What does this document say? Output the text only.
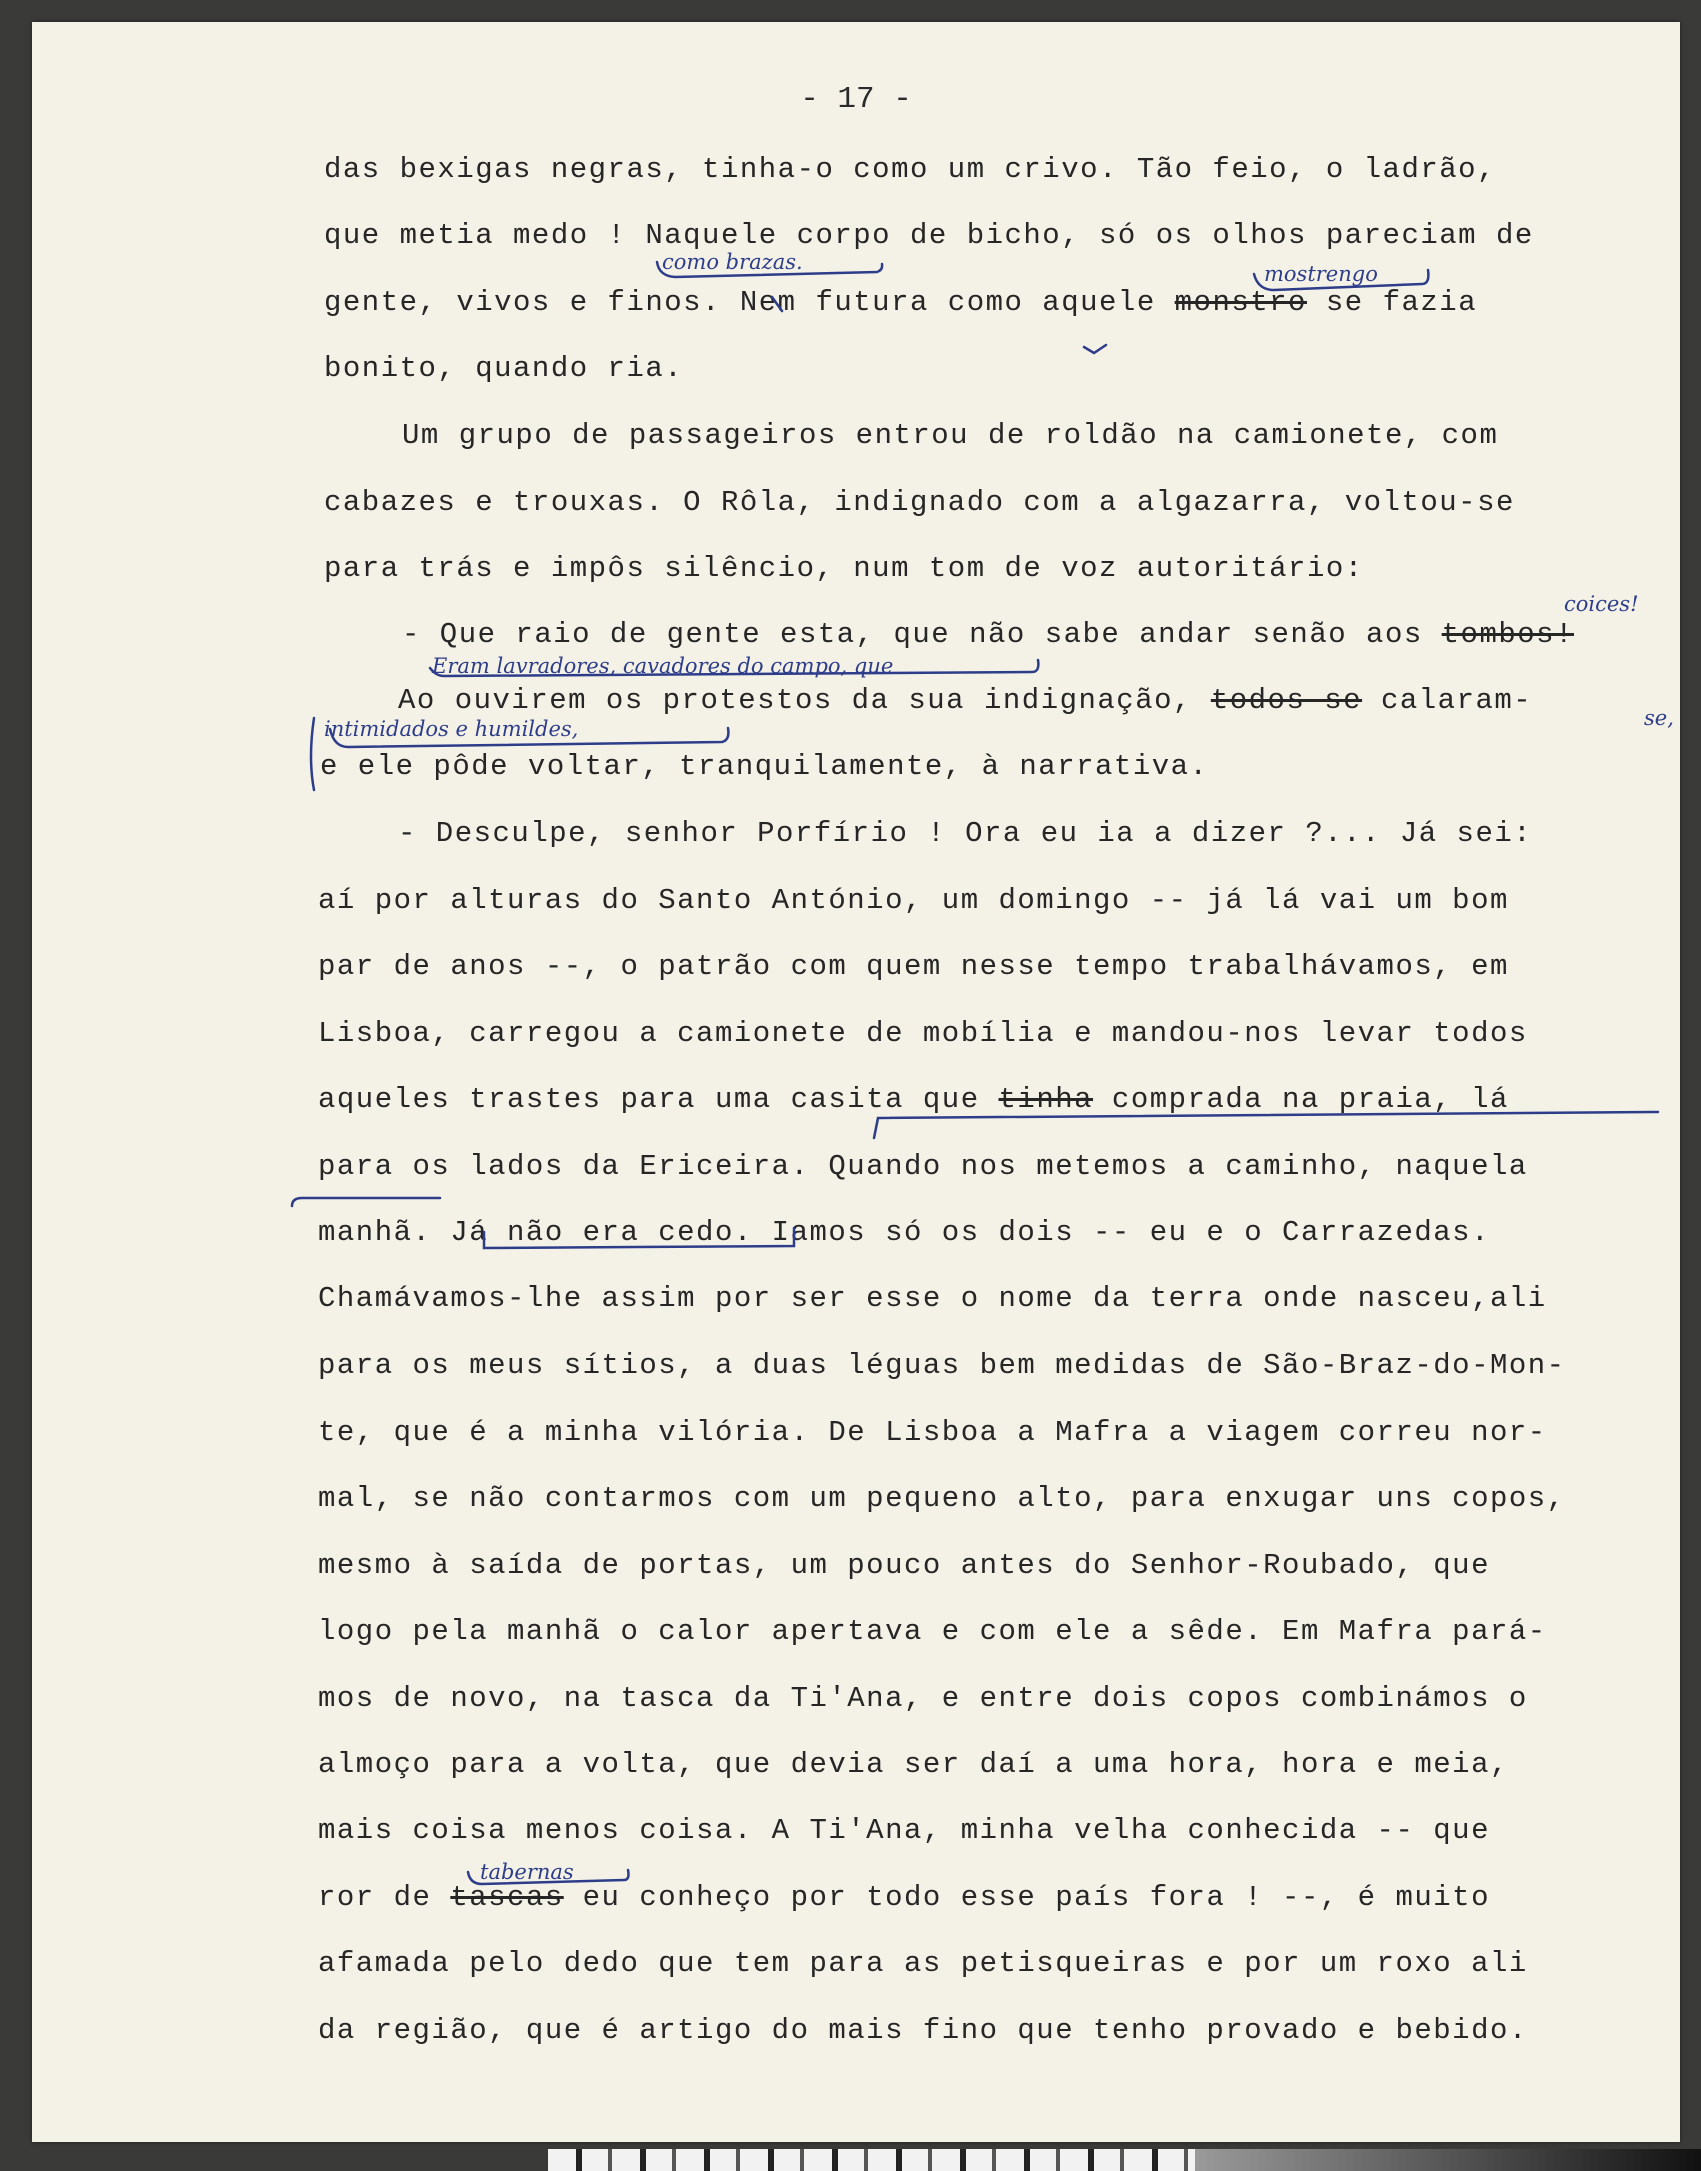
- 17 -
das bexigas negras, tinha-o como um crivo. Tão feio, o ladrão,
que metia medo ! Naquele corpo de bicho, só os olhos pareciam de
gente, vivos e finos. Nem futura como aquele monstro se fazia
bonito, quando ria.
Um grupo de passageiros entrou de roldão na camionete, com
cabazes e trouxas. O Rôla, indignado com a algazarra, voltou-se
para trás e impôs silêncio, num tom de voz autoritário:
- Que raio de gente esta, que não sabe andar senão aos tombos!
Ao ouvirem os protestos da sua indignação, todos se calaram-
e ele pôde voltar, tranquilamente, à narrativa.
- Desculpe, senhor Porfírio ! Ora eu ia a dizer ?... Já sei:
aí por alturas do Santo António, um domingo -- já lá vai um bom
par de anos --, o patrão com quem nesse tempo trabalhávamos, em
Lisboa, carregou a camionete de mobília e mandou-nos levar todos
aqueles trastes para uma casita que tinha comprada na praia, lá
para os lados da Ericeira. Quando nos metemos a caminho, naquela
manhã. Já não era cedo. Iamos só os dois -- eu e o Carrazedas.
Chamávamos-lhe assim por ser esse o nome da terra onde nasceu,ali
para os meus sítios, a duas léguas bem medidas de São-Braz-do-Mon-
te, que é a minha vilória. De Lisboa a Mafra a viagem correu nor-
mal, se não contarmos com um pequeno alto, para enxugar uns copos,
mesmo à saída de portas, um pouco antes do Senhor-Roubado, que
logo pela manhã o calor apertava e com ele a sêde. Em Mafra pará-
mos de novo, na tasca da Ti'Ana, e entre dois copos combinámos o
almoço para a volta, que devia ser daí a uma hora, hora e meia,
mais coisa menos coisa. A Ti'Ana, minha velha conhecida -- que
ror de tascas eu conheço por todo esse país fora ! --, é muito
afamada pelo dedo que tem para as petisqueiras e por um roxo ali
da região, que é artigo do mais fino que tenho provado e bebido.
como brazas.	mostrengo
coices!
Eram lavradores, cavadores do campo, que
intimidados e humildes,	se,
tabernas
